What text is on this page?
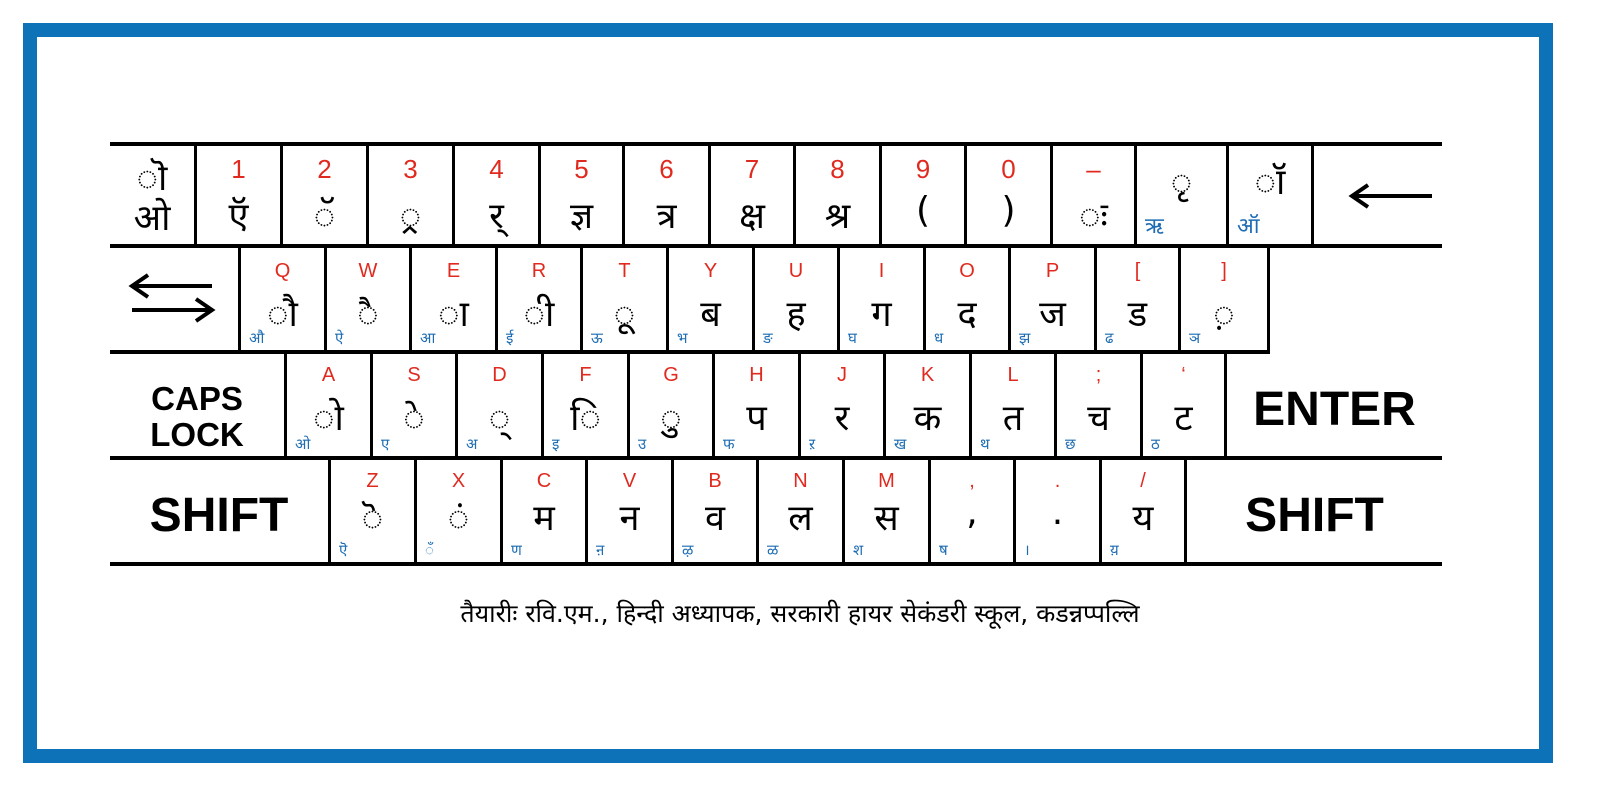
ॊ
ओ
1
ऍ
2
ॅ
3
्र
4
र्
5
ज्ञ
6
त्र
7
क्ष
8
श्र
9
(
0
)
–
ः
ृ
ऋ
ॉ
ऑ
Q
ौ
औ
W
ै
ऐ
E
ा
आ
R
ी
ई
T
ू
ऊ
Y
ब
भ
U
ह
ङ
I
ग
घ
O
द
ध
P
ज
झ
[
ड
ढ
]
़
ञ
CAPS
LOCK
A
ो
ओ
S
े
ए
D
्
अ
F
ि
इ
G
ु
उ
H
प
फ
J
र
ऱ
K
क
ख
L
त
थ
;
च
छ
‘
ट
ठ
ENTER
SHIFT
Z
ॆ
ऎ
X
ं
ँ
C
म
ण
V
न
ऩ
B
व
ऴ
N
ल
ळ
M
स
श
,
,
ष
.
.
।
/
य
य़
SHIFT
तैयारीः रवि.एम., हिन्दी अध्यापक, सरकारी हायर सेकंडरी स्कूल, कडन्नप्पल्लि
